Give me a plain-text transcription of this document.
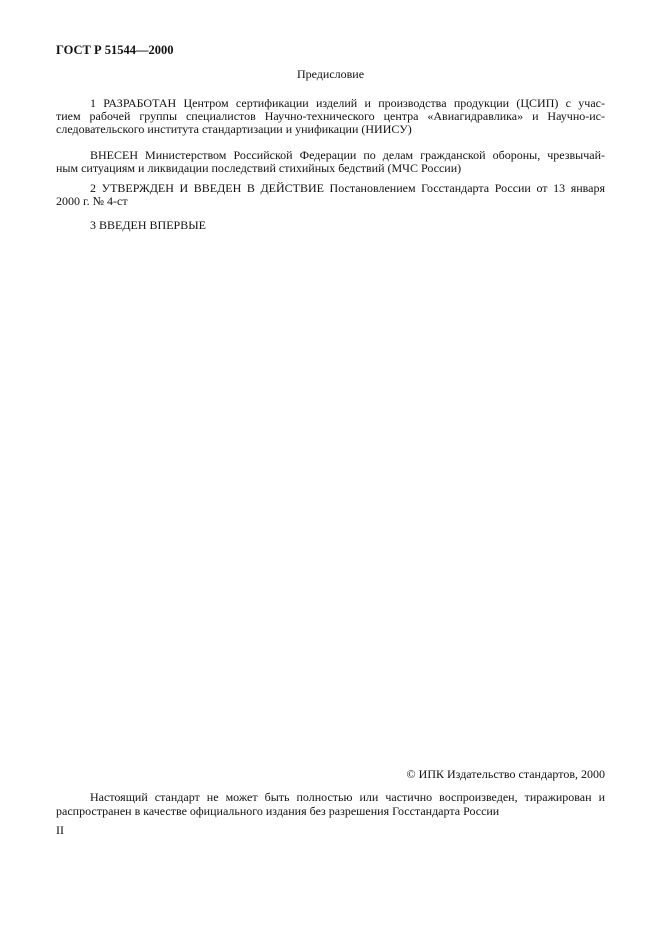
ГОСТ Р 51544—2000
Предисловие
1 РАЗРАБОТАН Центром сертификации изделий и производства продукции (ЦСИП) с учас-
тием рабочей группы специалистов Научно-технического центра «Авиагидравлика» и Научно-ис-
следовательского института стандартизации и унификации (НИИСУ)
ВНЕСЕН Министерством Российской Федерации по делам гражданской обороны, чрезвычай-
ным ситуациям и ликвидации последствий стихийных бедствий (МЧС России)
2 УТВЕРЖДЕН И ВВЕДЕН В ДЕЙСТВИЕ Постановлением Госстандарта России от 13 января
2000 г. № 4-ст
3 ВВЕДЕН ВПЕРВЫЕ
© ИПК Издательство стандартов, 2000
Настоящий стандарт не может быть полностью или частично воспроизведен, тиражирован и
распространен в качестве официального издания без разрешения Госстандарта России
II
